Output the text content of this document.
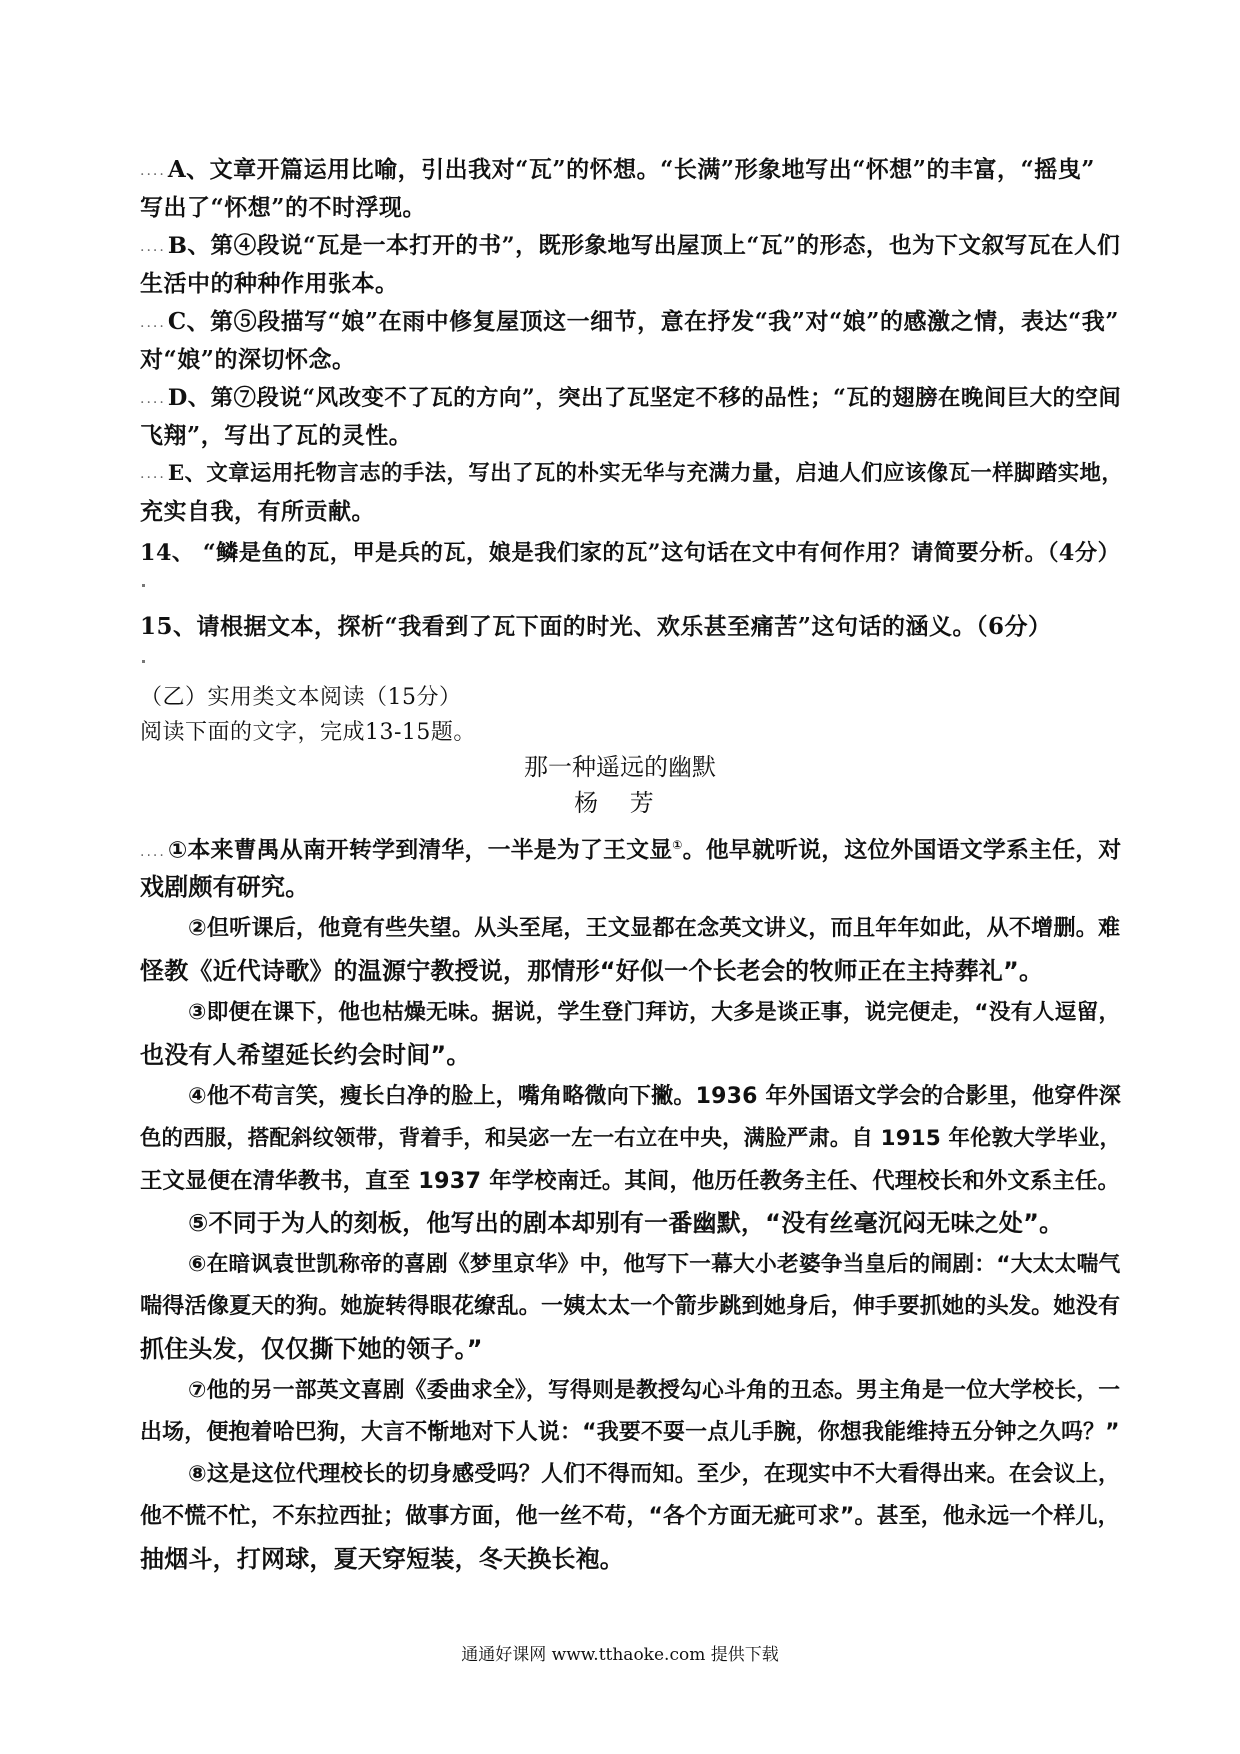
....A、文章开篇运用比喻，引出我对“瓦”的怀想。“长满”形象地写出“怀想”的丰富，“摇曳”
写出了“怀想”的不时浮现。
....B、第④段说“瓦是一本打开的书”，既形象地写出屋顶上“瓦”的形态，也为下文叙写瓦在人们
生活中的种种作用张本。
....C、第⑤段描写“娘”在雨中修复屋顶这一细节，意在抒发“我”对“娘”的感激之情，表达“我”
对“娘”的深切怀念。
....D、第⑦段说“风改变不了瓦的方向”，突出了瓦坚定不移的品性；“瓦的翅膀在晚间巨大的空间
飞翔”，写出了瓦的灵性。
....E、文章运用托物言志的手法，写出了瓦的朴实无华与充满力量，启迪人们应该像瓦一样脚踏实地，
充实自我，有所贡献。
14、 “鳞是鱼的瓦，甲是兵的瓦，娘是我们家的瓦”这句话在文中有何作用？请简要分析。（4分）
15、请根据文本，探析“我看到了瓦下面的时光、欢乐甚至痛苦”这句话的涵义。（6分）
（乙）实用类文本阅读（15分）
阅读下面的文字，完成13-15题。
那一种遥远的幽默
杨 芳
....①本来曹禺从南开转学到清华，一半是为了王文显①。他早就听说，这位外国语文学系主任，对
戏剧颇有研究。
②但听课后，他竟有些失望。从头至尾，王文显都在念英文讲义，而且年年如此，从不增删。难
怪教《近代诗歌》的温源宁教授说，那情形“好似一个长老会的牧师正在主持葬礼”。
③即便在课下，他也枯燥无味。据说，学生登门拜访，大多是谈正事，说完便走，“没有人逗留，
也没有人希望延长约会时间”。
④他不苟言笑，瘦长白净的脸上，嘴角略微向下撇。1936 年外国语文学会的合影里，他穿件深
色的西服，搭配斜纹领带，背着手，和吴宓一左一右立在中央，满脸严肃。自 1915 年伦敦大学毕业，
王文显便在清华教书，直至 1937 年学校南迁。其间，他历任教务主任、代理校长和外文系主任。
⑤不同于为人的刻板，他写出的剧本却别有一番幽默，“没有丝毫沉闷无味之处”。
⑥在暗讽袁世凯称帝的喜剧《梦里京华》中，他写下一幕大小老婆争当皇后的闹剧：“大太太喘气
喘得活像夏天的狗。她旋转得眼花缭乱。一姨太太一个箭步跳到她身后，伸手要抓她的头发。她没有
抓住头发，仅仅撕下她的领子。”
⑦他的另一部英文喜剧《委曲求全》，写得则是教授勾心斗角的丑态。男主角是一位大学校长，一
出场，便抱着哈巴狗，大言不惭地对下人说：“我要不耍一点儿手腕，你想我能维持五分钟之久吗？”
⑧这是这位代理校长的切身感受吗？人们不得而知。至少，在现实中不大看得出来。在会议上，
他不慌不忙，不东拉西扯；做事方面，他一丝不苟，“各个方面无疵可求”。甚至，他永远一个样儿，
抽烟斗，打网球，夏天穿短装，冬天换长袍。
通通好课网 www.tthaoke.com 提供下载
